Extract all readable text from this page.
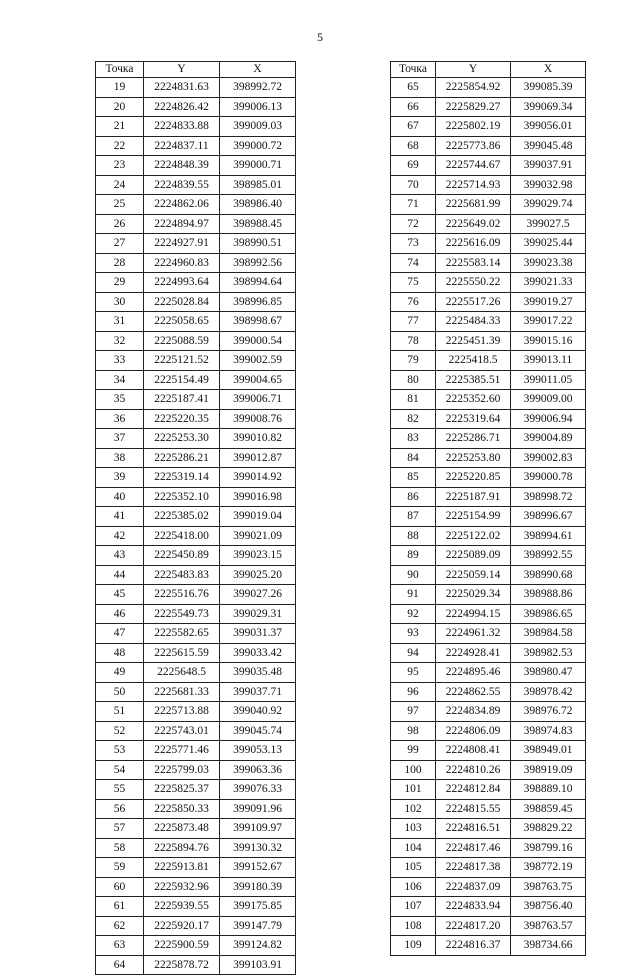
5
Точка	Y	X
19	2224831.63	398992.72
20	2224826.42	399006.13
21	2224833.88	399009.03
22	2224837.11	399000.72
23	2224848.39	399000.71
24	2224839.55	398985.01
25	2224862.06	398986.40
26	2224894.97	398988.45
27	2224927.91	398990.51
28	2224960.83	398992.56
29	2224993.64	398994.64
30	2225028.84	398996.85
31	2225058.65	398998.67
32	2225088.59	399000.54
33	2225121.52	399002.59
34	2225154.49	399004.65
35	2225187.41	399006.71
36	2225220.35	399008.76
37	2225253.30	399010.82
38	2225286.21	399012.87
39	2225319.14	399014.92
40	2225352.10	399016.98
41	2225385.02	399019.04
42	2225418.00	399021.09
43	2225450.89	399023.15
44	2225483.83	399025.20
45	2225516.76	399027.26
46	2225549.73	399029.31
47	2225582.65	399031.37
48	2225615.59	399033.42
49	2225648.5	399035.48
50	2225681.33	399037.71
51	2225713.88	399040.92
52	2225743.01	399045.74
53	2225771.46	399053.13
54	2225799.03	399063.36
55	2225825.37	399076.33
56	2225850.33	399091.96
57	2225873.48	399109.97
58	2225894.76	399130.32
59	2225913.81	399152.67
60	2225932.96	399180.39
61	2225939.55	399175.85
62	2225920.17	399147.79
63	2225900.59	399124.82
64	2225878.72	399103.91
Точка	Y	X
65	2225854.92	399085.39
66	2225829.27	399069.34
67	2225802.19	399056.01
68	2225773.86	399045.48
69	2225744.67	399037.91
70	2225714.93	399032.98
71	2225681.99	399029.74
72	2225649.02	399027.5
73	2225616.09	399025.44
74	2225583.14	399023.38
75	2225550.22	399021.33
76	2225517.26	399019.27
77	2225484.33	399017.22
78	2225451.39	399015.16
79	2225418.5	399013.11
80	2225385.51	399011.05
81	2225352.60	399009.00
82	2225319.64	399006.94
83	2225286.71	399004.89
84	2225253.80	399002.83
85	2225220.85	399000.78
86	2225187.91	398998.72
87	2225154.99	398996.67
88	2225122.02	398994.61
89	2225089.09	398992.55
90	2225059.14	398990.68
91	2225029.34	398988.86
92	2224994.15	398986.65
93	2224961.32	398984.58
94	2224928.41	398982.53
95	2224895.46	398980.47
96	2224862.55	398978.42
97	2224834.89	398976.72
98	2224806.09	398974.83
99	2224808.41	398949.01
100	2224810.26	398919.09
101	2224812.84	398889.10
102	2224815.55	398859.45
103	2224816.51	398829.22
104	2224817.46	398799.16
105	2224817.38	398772.19
106	2224837.09	398763.75
107	2224833.94	398756.40
108	2224817.20	398763.57
109	2224816.37	398734.66
